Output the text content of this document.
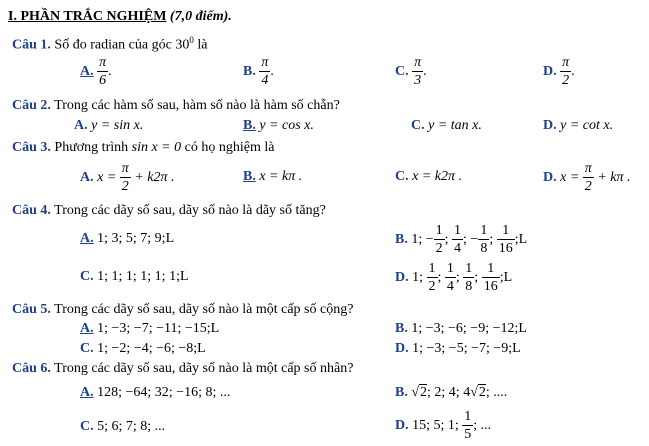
I. PHẦN TRẮC NGHIỆM (7,0 điểm).
Câu 1. Số đo radian của góc $30^0$ là
A. $\frac{\pi}{6}$ .	B. $\frac{\pi}{4}$ .	C. $\frac{\pi}{3}$ .	D. $\frac{\pi}{2}$ .
Câu 2. Trong các hàm số sau, hàm số nào là hàm số chẵn?
A. y = sin x.	B. y = cos x.	C. y = tan x.	D. y = cot x.
Câu 3. Phương trình sin x = 0 có họ nghiệm là
A. $x = \frac{\pi}{2} + k2\pi$ .	B. x = kπ .	C. x = k2π .	D. $x = \frac{\pi}{2} + k\pi$ .
Câu 4. Trong các dãy số sau, dãy số nào là dãy số tăng?
A. 1; 3; 5; 7; 9;L	B. 1; − $\frac{1}{2}$ ; $\frac{1}{4}$ ; − $\frac{1}{8}$ ; $\frac{1}{16}$ ;L
C. 1; 1; 1; 1; 1; 1;L	D. 1; $\frac{1}{2}$ ; $\frac{1}{4}$ ; $\frac{1}{8}$ ; $\frac{1}{16}$ ;L
Câu 5. Trong các dãy số sau, dãy số nào là một cấp số cộng?
A. 1; −3; −7; −11; −15;L	B. 1; −3; −6; −9; −12;L
C. 1; −2; −4; −6; −8;L	D. 1; −3; −5; −7; −9;L
Câu 6. Trong các dãy số sau, dãy số nào là một cấp số nhân?
A. 128; −64; 32; −16; 8; ...	B. √2; 2; 4; 4√2; ....
C. 5; 6; 7; 8; ...	D. 15; 5; 1; $\frac{1}{5}$ ; ...
